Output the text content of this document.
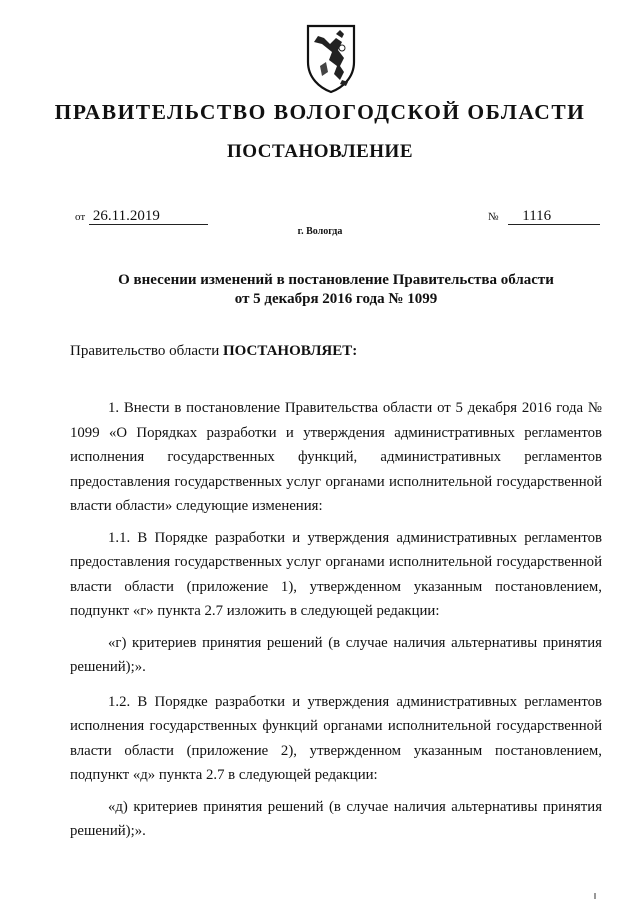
ПРАВИТЕЛЬСТВО ВОЛОГОДСКОЙ ОБЛАСТИ
ПОСТАНОВЛЕНИЕ
от 26.11.2019	№ 1116
г. Вологда
О внесении изменений в постановление Правительства области
от 5 декабря 2016 года № 1099
Правительство области ПОСТАНОВЛЯЕТ:

1. Внести в постановление Правительства области от 5 декабря 2016 года № 1099 «О Порядках разработки и утверждения административных регламентов исполнения государственных функций, административных регламентов предоставления государственных услуг органами исполнительной государственной власти области» следующие изменения:

1.1. В Порядке разработки и утверждения административных регламентов предоставления государственных услуг органами исполнительной государственной власти области (приложение 1), утвержденном указанным постановлением, подпункт «г» пункта 2.7 изложить в следующей редакции:

«г) критериев принятия решений (в случае наличия альтернативы принятия решений);».

1.2. В Порядке разработки и утверждения административных регламентов исполнения государственных функций органами исполнительной государственной власти области (приложение 2), утвержденном указанным постановлением, подпункт «д» пункта 2.7 в следующей редакции:

«д) критериев принятия решений (в случае наличия альтернативы принятия решений);».
